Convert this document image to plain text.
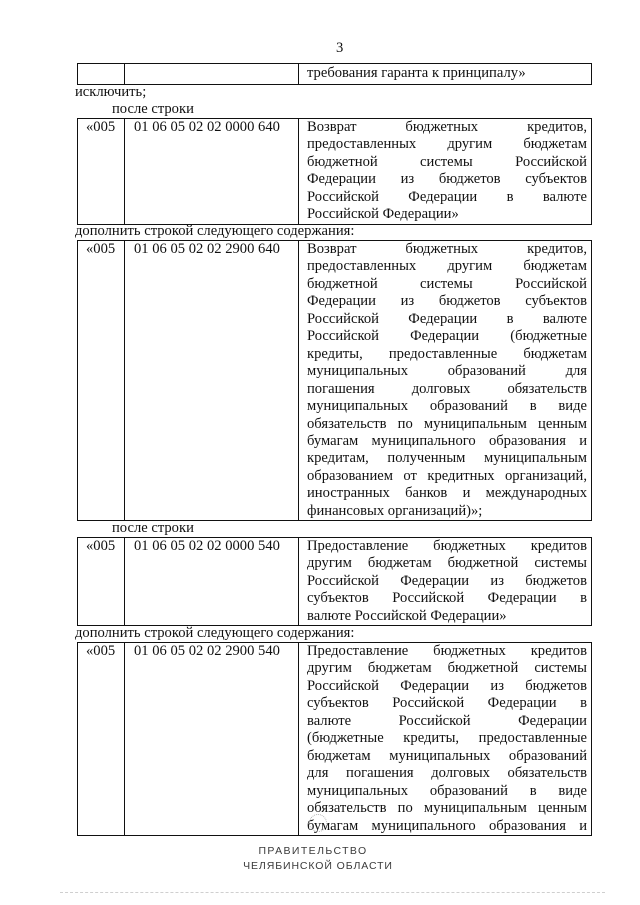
3
требования гаранта к принципалу»
исключить;
после строки
«005	01 06 05 02 02 0000 640	Возврат бюджетных кредитов,
предоставленных другим бюджетам
бюджетной системы Российской
Федерации из бюджетов субъектов
Российской Федерации в валюте
Российской Федерации»
дополнить строкой следующего содержания:
«005	01 06 05 02 02 2900 640	Возврат бюджетных кредитов,
предоставленных другим бюджетам
бюджетной системы Российской
Федерации из бюджетов субъектов
Российской Федерации в валюте
Российской Федерации (бюджетные
кредиты, предоставленные бюджетам
муниципальных образований для
погашения долговых обязательств
муниципальных образований в виде
обязательств по муниципальным ценным
бумагам муниципального образования и
кредитам, полученным муниципальным
образованием от кредитных организаций,
иностранных банков и международных
финансовых организаций)»;
после строки
«005	01 06 05 02 02 0000 540	Предоставление бюджетных кредитов
другим бюджетам бюджетной системы
Российской Федерации из бюджетов
субъектов Российской Федерации в
валюте Российской Федерации»
дополнить строкой следующего содержания:
«005	01 06 05 02 02 2900 540	Предоставление бюджетных кредитов
другим бюджетам бюджетной системы
Российской Федерации из бюджетов
субъектов Российской Федерации в
валюте Российской Федерации
(бюджетные кредиты, предоставленные
бюджетам муниципальных образований
для погашения долговых обязательств
муниципальных образований в виде
обязательств по муниципальным ценным
бумагам муниципального образования и
ПРАВИТЕЛЬСТВО
ЧЕЛЯБИНСКОЙ ОБЛАСТИ
